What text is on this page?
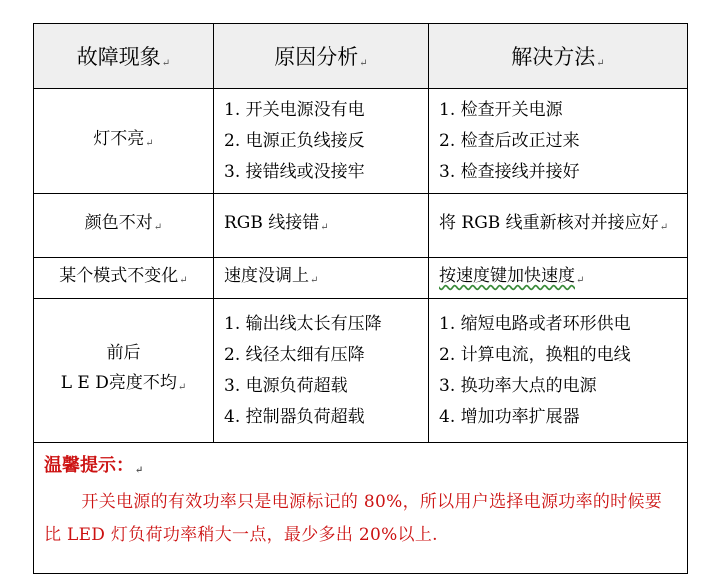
故障现象↵	原因分析↵	解决方法↵

灯不亮↵	1. 开关电源没有电
2. 电源正负线接反
3. 接错线或没接牢	1. 检查开关电源
2. 检查后改正过来
3. 检查接线并接好

颜色不对↵	RGB 线接错↵	将 RGB 线重新核对并接应好↵

某个模式不变化↵	速度没调上↵	按速度键加快速度↵

前后
L E D亮度不均↵	1. 输出线太长有压降
2. 线径太细有压降
3. 电源负荷超载
4. 控制器负荷超载	1. 缩短电路或者环形供电
2. 计算电流，换粗的电线
3. 换功率大点的电源
4. 增加功率扩展器

温馨提示：↵
开关电源的有效功率只是电源标记的 80%，所以用户选择电源功率的时候要比 LED 灯负荷功率稍大一点，最少多出 20%以上.		
